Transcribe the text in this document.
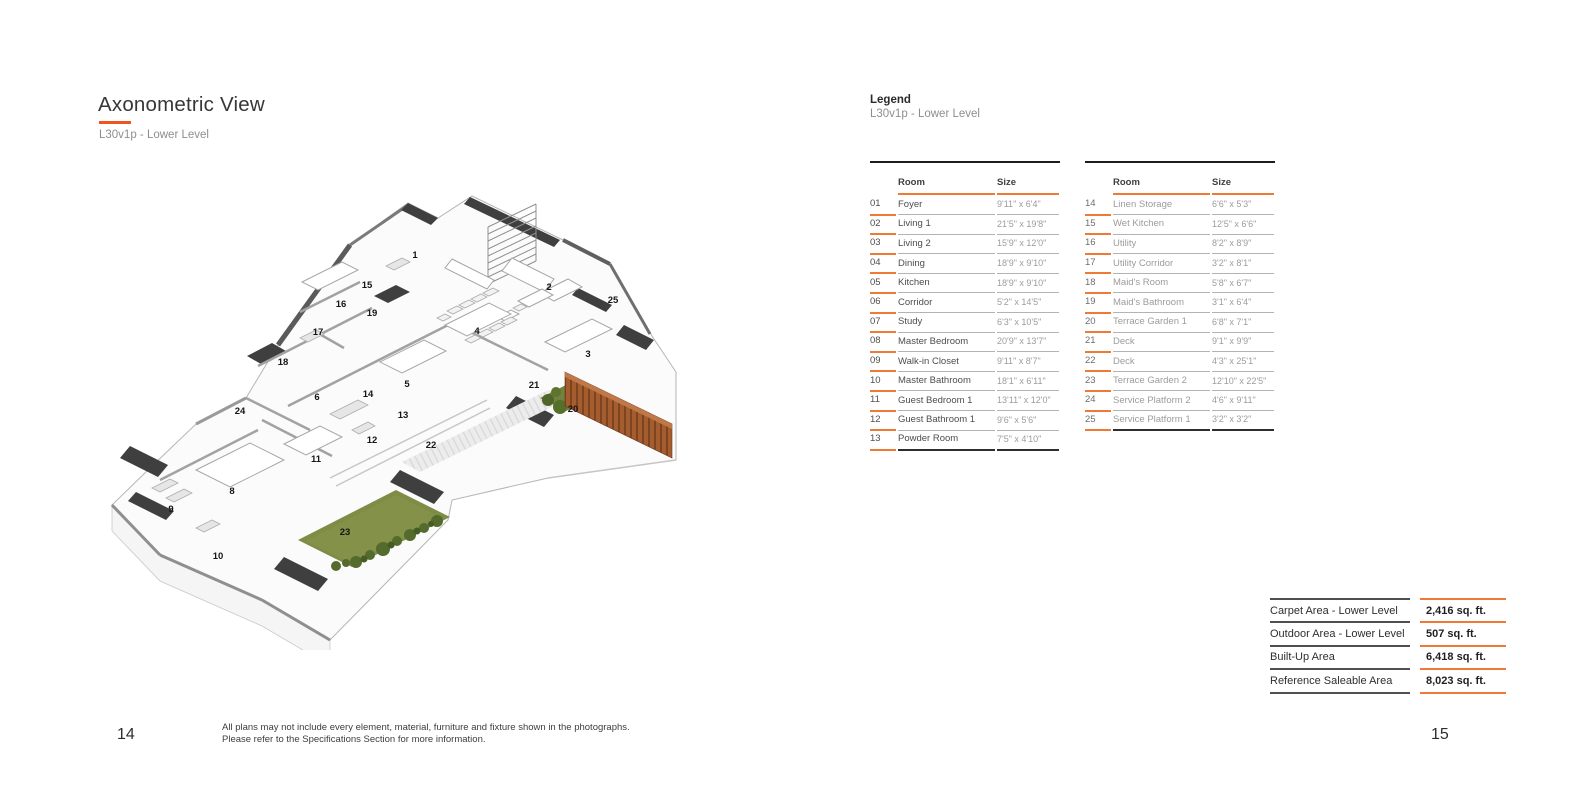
Axonometric View
L30v1p - Lower Level
1
2
3
4
5
6
8
9
10
11
12
13
14
15
16
17
18
19
20
21
22
23
24
25
Legend
L30v1p - Lower Level
Room	Size
01	Foyer	9'11" x 6'4"
02	Living 1	21'5" x 19'8"
03	Living 2	15'9" x 12'0"
04	Dining	18'9" x 9'10"
05	Kitchen	18'9" x 9'10"
06	Corridor	5'2" x 14'5"
07	Study	6'3" x 10'5"
08	Master Bedroom	20'9" x 13'7"
09	Walk-in Closet	9'11" x 8'7"
10	Master Bathroom	18'1" x 6'11"
11	Guest Bedroom 1	13'11" x 12'0"
12	Guest Bathroom 1	9'6" x 5'6"
13	Powder Room	7'5" x 4'10"
Room	Size
14	Linen Storage	6'6" x 5'3"
15	Wet Kitchen	12'5" x 6'6"
16	Utility	8'2" x 8'9"
17	Utility Corridor	3'2" x 8'1"
18	Maid's Room	5'8" x 6'7"
19	Maid's Bathroom	3'1" x 6'4"
20	Terrace Garden 1	6'8" x 7'1"
21	Deck	9'1" x 9'9"
22	Deck	4'3" x 25'1"
23	Terrace Garden 2	12'10" x 22'5"
24	Service Platform 2	4'6" x 9'11"
25	Service Platform 1	3'2" x 3'2"
Carpet Area - Lower Level	2,416 sq. ft.
Outdoor Area - Lower Level	507 sq. ft.
Built-Up Area	6,418 sq. ft.
Reference Saleable Area	8,023 sq. ft.
All plans may not include every element, material, furniture and fixture shown in the photographs.
Please refer to the Specifications Section for more information.
14	15
